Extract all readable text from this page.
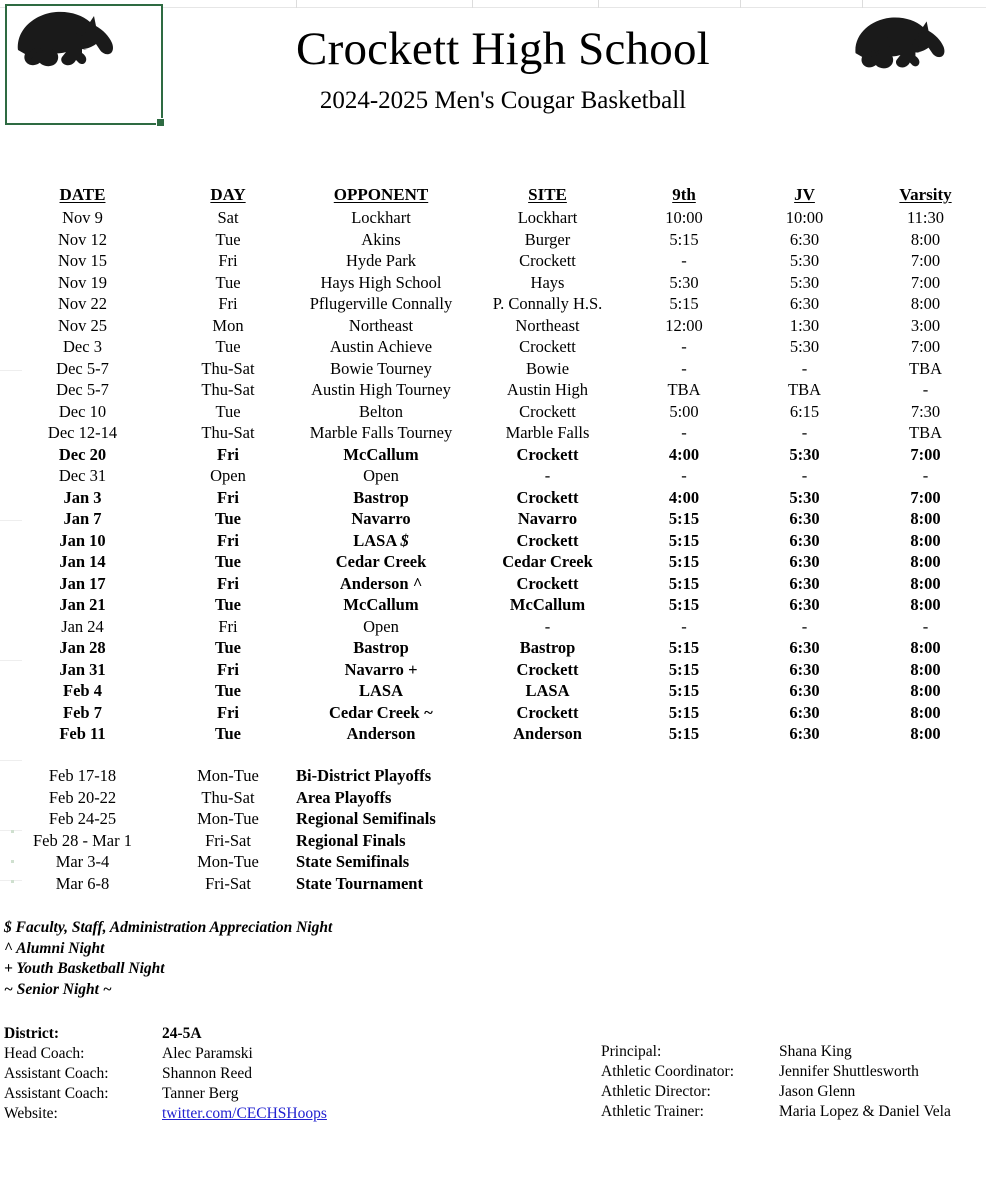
Crockett High School
2024-2025 Men's Cougar Basketball
DATE	DAY	OPPONENT	SITE	9th	JV	Varsity
Nov 9	Sat	Lockhart	Lockhart	10:00	10:00	11:30
Nov 12	Tue	Akins	Burger	5:15	6:30	8:00
Nov 15	Fri	Hyde Park	Crockett	-	5:30	7:00
Nov 19	Tue	Hays High School	Hays	5:30	5:30	7:00
Nov 22	Fri	Pflugerville Connally	P. Connally H.S.	5:15	6:30	8:00
Nov 25	Mon	Northeast	Northeast	12:00	1:30	3:00
Dec 3	Tue	Austin Achieve	Crockett	-	5:30	7:00
Dec 5-7	Thu-Sat	Bowie Tourney	Bowie	-	-	TBA
Dec 5-7	Thu-Sat	Austin High Tourney	Austin High	TBA	TBA	-
Dec 10	Tue	Belton	Crockett	5:00	6:15	7:30
Dec 12-14	Thu-Sat	Marble Falls Tourney	Marble Falls	-	-	TBA
Dec 20	Fri	McCallum	Crockett	4:00	5:30	7:00
Dec 31	Open	Open	-	-	-	-
Jan 3	Fri	Bastrop	Crockett	4:00	5:30	7:00
Jan 7	Tue	Navarro	Navarro	5:15	6:30	8:00
Jan 10	Fri	LASA $	Crockett	5:15	6:30	8:00
Jan 14	Tue	Cedar Creek	Cedar Creek	5:15	6:30	8:00
Jan 17	Fri	Anderson ^	Crockett	5:15	6:30	8:00
Jan 21	Tue	McCallum	McCallum	5:15	6:30	8:00
Jan 24	Fri	Open	-	-	-	-
Jan 28	Tue	Bastrop	Bastrop	5:15	6:30	8:00
Jan 31	Fri	Navarro +	Crockett	5:15	6:30	8:00
Feb 4	Tue	LASA	LASA	5:15	6:30	8:00
Feb 7	Fri	Cedar Creek ~	Crockett	5:15	6:30	8:00
Feb 11	Tue	Anderson	Anderson	5:15	6:30	8:00
Feb 17-18	Mon-Tue	Bi-District Playoffs
Feb 20-22	Thu-Sat	Area Playoffs
Feb 24-25	Mon-Tue	Regional Semifinals
Feb 28 - Mar 1	Fri-Sat	Regional Finals
Mar 3-4	Mon-Tue	State Semifinals
Mar 6-8	Fri-Sat	State Tournament
$ Faculty, Staff, Administration Appreciation Night
^ Alumni Night
+ Youth Basketball Night
~ Senior Night ~
District:	24-5A
Head Coach:	Alec Paramski
Assistant Coach:	Shannon Reed
Assistant Coach:	Tanner Berg
Website:	twitter.com/CECHSHoops
Principal:	Shana King
Athletic Coordinator:	Jennifer Shuttlesworth
Athletic Director:	Jason Glenn
Athletic Trainer:	Maria Lopez & Daniel Vela
